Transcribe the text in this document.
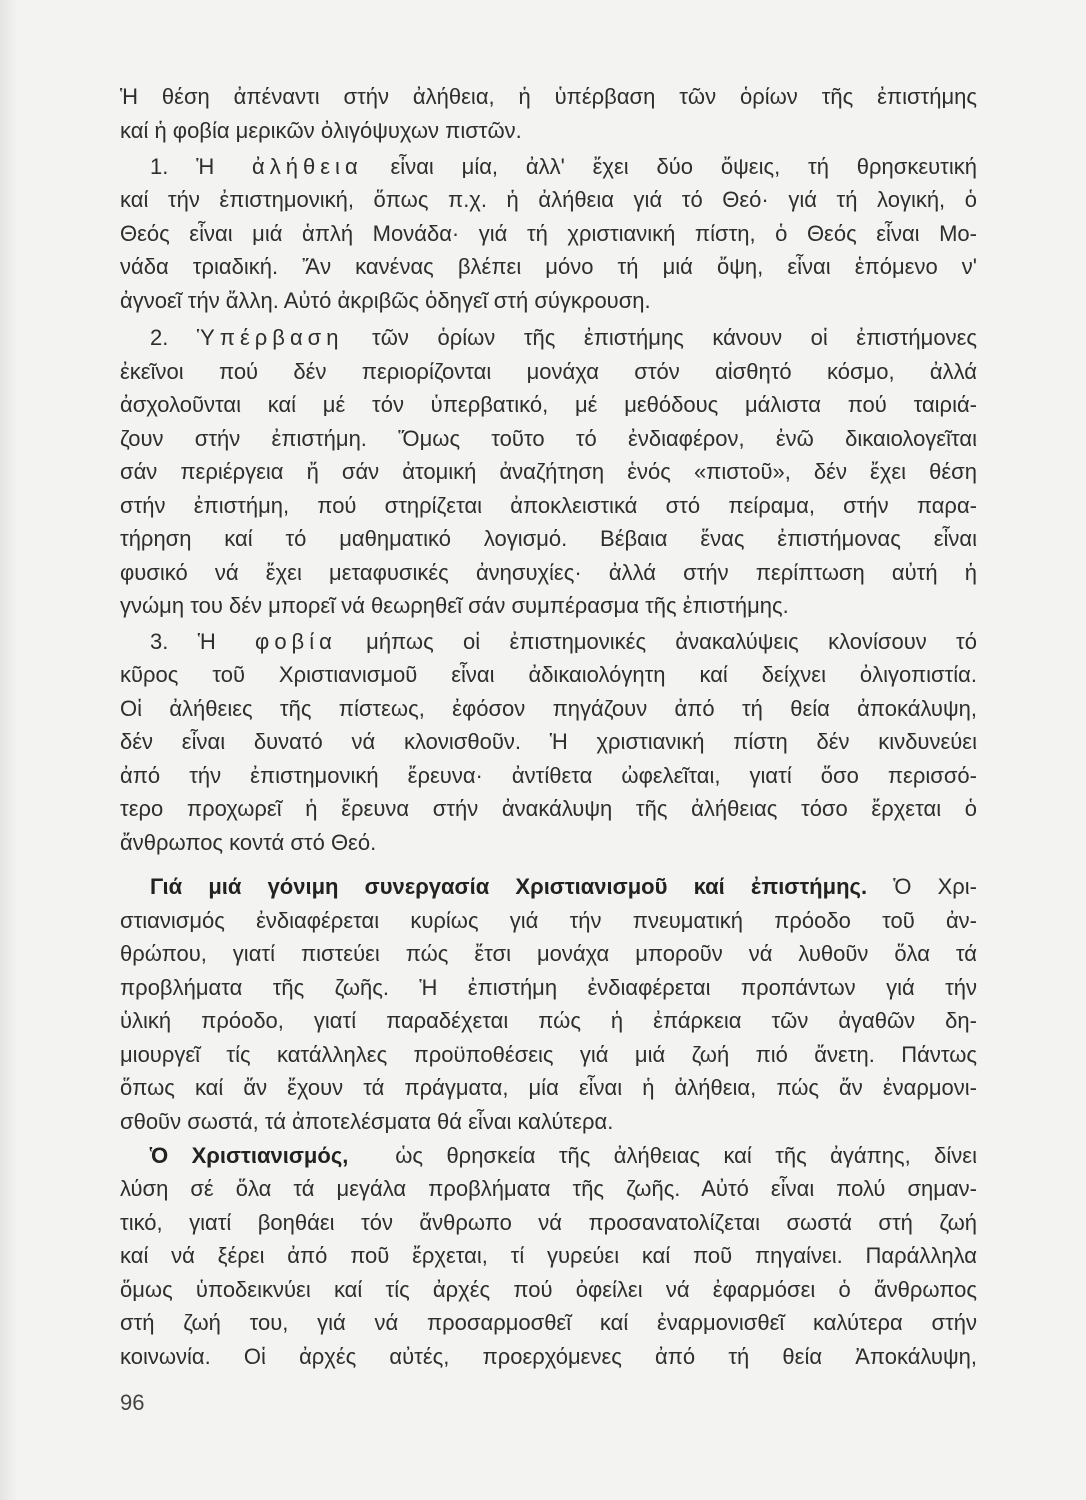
Ἡ θέση ἀπέναντι στήν ἀλήθεια, ἡ ὑπέρβαση τῶν ὁρίων τῆς ἐπιστήμης
καί ἡ φοβία μερικῶν ὀλιγόψυχων πιστῶν.
1. Ἡ ἀλήθεια εἶναι μία, ἀλλ' ἔχει δύο ὄψεις, τή θρησκευτική
καί τήν ἐπιστημονική, ὅπως π.χ. ἡ ἀλήθεια γιά τό Θεό· γιά τή λογική, ὁ
Θεός εἶναι μιά ἁπλή Μονάδα· γιά τή χριστιανική πίστη, ὁ Θεός εἶναι Μο-
νάδα τριαδική. Ἄν κανένας βλέπει μόνο τή μιά ὄψη, εἶναι ἑπόμενο ν'
ἀγνοεῖ τήν ἄλλη. Αὐτό ἀκριβῶς ὁδηγεῖ στή σύγκρουση.
2. Ὑπέρβαση τῶν ὁρίων τῆς ἐπιστήμης κάνουν οἱ ἐπιστήμονες
ἐκεῖνοι πού δέν περιορίζονται μονάχα στόν αἰσθητό κόσμο, ἀλλά
ἀσχολοῦνται καί μέ τόν ὑπερβατικό, μέ μεθόδους μάλιστα πού ταιριά-
ζουν στήν ἐπιστήμη. Ὅμως τοῦτο τό ἐνδιαφέρον, ἐνῶ δικαιολογεῖται
σάν περιέργεια ἤ σάν ἀτομική ἀναζήτηση ἑνός «πιστοῦ», δέν ἔχει θέση
στήν ἐπιστήμη, πού στηρίζεται ἀποκλειστικά στό πείραμα, στήν παρα-
τήρηση καί τό μαθηματικό λογισμό. Βέβαια ἕνας ἐπιστήμονας εἶναι
φυσικό νά ἔχει μεταφυσικές ἀνησυχίες· ἀλλά στήν περίπτωση αὐτή ἡ
γνώμη του δέν μπορεῖ νά θεωρηθεῖ σάν συμπέρασμα τῆς ἐπιστήμης.
3. Ἡ φοβία μήπως οἱ ἐπιστημονικές ἀνακαλύψεις κλονίσουν τό
κῦρος τοῦ Χριστιανισμοῦ εἶναι ἀδικαιολόγητη καί δείχνει ὀλιγοπιστία.
Οἱ ἀλήθειες τῆς πίστεως, ἐφόσον πηγάζουν ἀπό τή θεία ἀποκάλυψη,
δέν εἶναι δυνατό νά κλονισθοῦν. Ἡ χριστιανική πίστη δέν κινδυνεύει
ἀπό τήν ἐπιστημονική ἔρευνα· ἀντίθετα ὠφελεῖται, γιατί ὅσο περισσό-
τερο προχωρεῖ ἡ ἔρευνα στήν ἀνακάλυψη τῆς ἀλήθειας τόσο ἔρχεται ὁ
ἄνθρωπος κοντά στό Θεό.
Γιά μιά γόνιμη συνεργασία Χριστιανισμοῦ καί ἐπιστήμης. Ὁ Χρι-
στιανισμός ἐνδιαφέρεται κυρίως γιά τήν πνευματική πρόοδο τοῦ ἀν-
θρώπου, γιατί πιστεύει πώς ἔτσι μονάχα μποροῦν νά λυθοῦν ὅλα τά
προβλήματα τῆς ζωῆς. Ἡ ἐπιστήμη ἐνδιαφέρεται προπάντων γιά τήν
ὑλική πρόοδο, γιατί παραδέχεται πώς ἡ ἐπάρκεια τῶν ἀγαθῶν δη-
μιουργεῖ τίς κατάλληλες προϋποθέσεις γιά μιά ζωή πιό ἄνετη. Πάντως
ὅπως καί ἄν ἔχουν τά πράγματα, μία εἶναι ἡ ἀλήθεια, πώς ἄν ἐναρμονι-
σθοῦν σωστά, τά ἀποτελέσματα θά εἶναι καλύτερα.
Ὁ Χριστιανισμός,  ὡς θρησκεία τῆς ἀλήθειας καί τῆς ἀγάπης, δίνει
λύση σέ ὅλα τά μεγάλα προβλήματα τῆς ζωῆς. Αὐτό εἶναι πολύ σημαν-
τικό, γιατί βοηθάει τόν ἄνθρωπο νά προσανατολίζεται σωστά στή ζωή
καί νά ξέρει ἀπό ποῦ ἔρχεται, τί γυρεύει καί ποῦ πηγαίνει. Παράλληλα
ὅμως ὑποδεικνύει καί τίς ἀρχές πού ὀφείλει νά ἐφαρμόσει ὁ ἄνθρωπος
στή ζωή του, γιά νά προσαρμοσθεῖ καί ἐναρμονισθεῖ καλύτερα στήν
κοινωνία. Οἱ ἀρχές αὐτές, προερχόμενες ἀπό τή θεία Ἀποκάλυψη,
96
